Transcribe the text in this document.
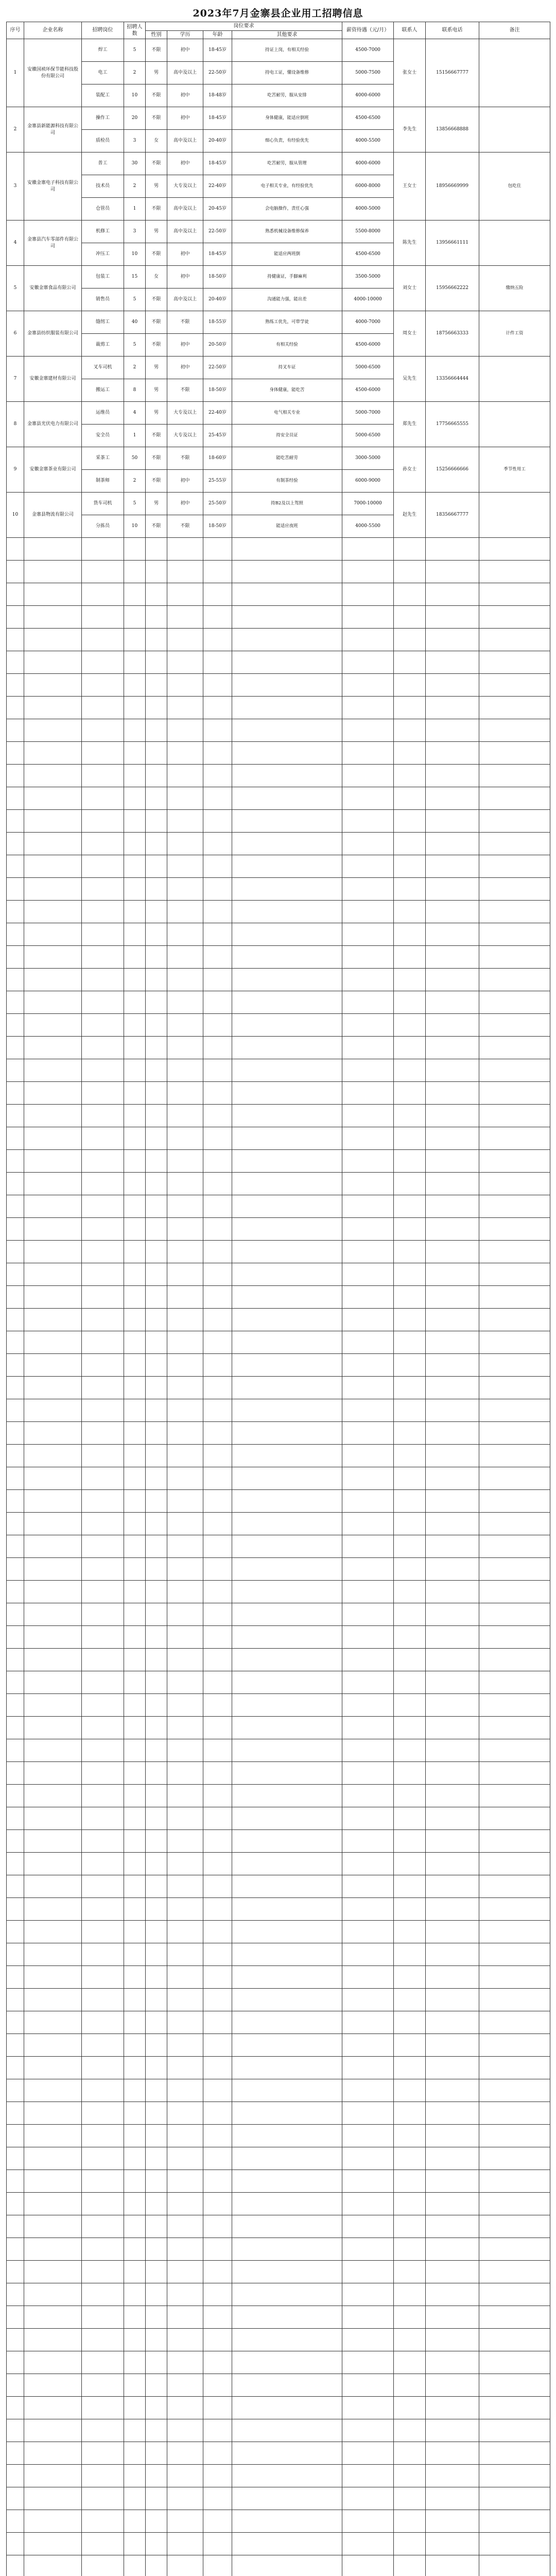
2023年7月金寨县企业用工招聘信息
序号	企业名称	招聘岗位	招聘人数	岗位要求				薪资待遇（元/月）	联系人	联系电话	备注
				性别	学历	年龄	其他要求				
1	安徽国祯环保节能科技股份有限公司	焊工	5	不限	初中	18-45岁	持证上岗，有相关经验	4500-7000	张女士	15156667777	
		电工	2	男	高中及以上	22-50岁	持电工证，懂设备维修	5000-7500			
		装配工	10	不限	初中	18-48岁	吃苦耐劳，服从安排	4000-6000			
2	金寨县新能源科技有限公司	操作工	20	不限	初中	18-45岁	身体健康，能适应倒班	4500-6500	李先生	13856668888	
		质检员	3	女	高中及以上	20-40岁	细心负责，有经验优先	4000-5500			
3	安徽金寨电子科技有限公司	普工	30	不限	初中	18-45岁	吃苦耐劳，服从管理	4000-6000	王女士	18956669999	包吃住
		技术员	2	男	大专及以上	22-40岁	电子相关专业，有经验优先	6000-8000			
		仓管员	1	不限	高中及以上	20-45岁	会电脑操作，责任心强	4000-5000			
4	金寨县汽车零部件有限公司	机修工	3	男	高中及以上	22-50岁	熟悉机械设备维修保养	5500-8000	陈先生	13956661111	
		冲压工	10	不限	初中	18-45岁	能适应两班倒	4500-6500			
5	安徽金寨食品有限公司	包装工	15	女	初中	18-50岁	持健康证，手脚麻利	3500-5000	刘女士	15956662222	缴纳五险
		销售员	5	不限	高中及以上	20-40岁	沟通能力强，能出差	4000-10000			
6	金寨县纺织服装有限公司	缝纫工	40	不限	不限	18-55岁	熟练工优先，可带学徒	4000-7000	周女士	18756663333	计件工资
		裁剪工	5	不限	初中	20-50岁	有相关经验	4500-6000			
7	安徽金寨建材有限公司	叉车司机	2	男	初中	22-50岁	持叉车证	5000-6500	吴先生	13356664444	
		搬运工	8	男	不限	18-50岁	身体健康，能吃苦	4500-6000			
8	金寨县光伏电力有限公司	运维员	4	男	大专及以上	22-40岁	电气相关专业	5000-7000	郑先生	17756665555	
		安全员	1	不限	大专及以上	25-45岁	持安全员证	5000-6500			
9	安徽金寨茶业有限公司	采茶工	50	不限	不限	18-60岁	能吃苦耐劳	3000-5000	孙女士	15256666666	季节性用工
		制茶师	2	不限	初中	25-55岁	有制茶经验	6000-9000			
10	金寨县物流有限公司	货车司机	5	男	初中	25-50岁	持B2及以上驾照	7000-10000	赵先生	18356667777	
		分拣员	10	不限	不限	18-50岁	能适应夜班	4000-5500			
